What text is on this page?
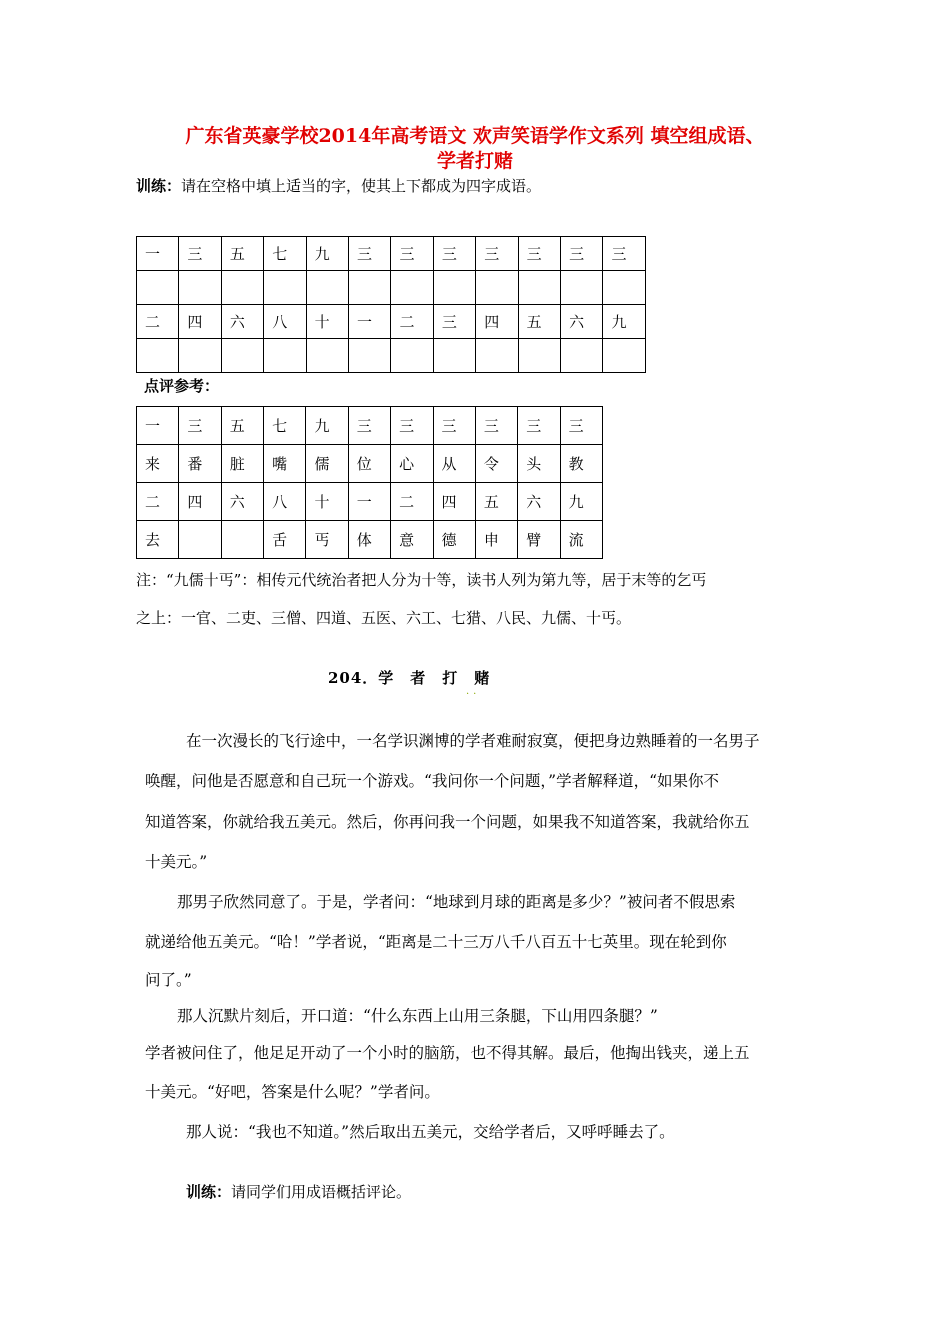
广东省英豪学校2014年高考语文 欢声笑语学作文系列 填空组成语、
学者打赌
训练：请在空格中填上适当的字，使其上下都成为四字成语。
一	三	五	七	九	三	三	三	三	三	三	三

二	四	六	八	十	一	二	三	四	五	六	九

点评参考：
一	三	五	七	九	三	三	三	三	三	三
来	番	脏	嘴	儒	位	心	从	令	头	教
二	四	六	八	十	一	二	四	五	六	九
去			舌	丐	体	意	德	申	臂	流
注：“九儒十丐”：相传元代统治者把人分为十等，读书人列为第九等，居于末等的乞丐
之上：一官、二吏、三僧、四道、五医、六工、七猎、八民、九儒、十丐。
204．学　者　打　赌
..
在一次漫长的飞行途中，一名学识渊博的学者难耐寂寞，便把身边熟睡着的一名男子
唤醒，问他是否愿意和自己玩一个游戏。“我问你一个问题，”学者解释道，“如果你不
知道答案，你就给我五美元。然后，你再问我一个问题，如果我不知道答案，我就给你五
十美元。”
那男子欣然同意了。于是，学者问：“地球到月球的距离是多少？”被问者不假思索
就递给他五美元。“哈！”学者说，“距离是二十三万八千八百五十七英里。现在轮到你
问了。”
那人沉默片刻后，开口道：“什么东西上山用三条腿，下山用四条腿？”
学者被问住了，他足足开动了一个小时的脑筋，也不得其解。最后，他掏出钱夹，递上五
十美元。“好吧，答案是什么呢？”学者问。
那人说：“我也不知道。”然后取出五美元，交给学者后，又呼呼睡去了。
训练：请同学们用成语概括评论。
